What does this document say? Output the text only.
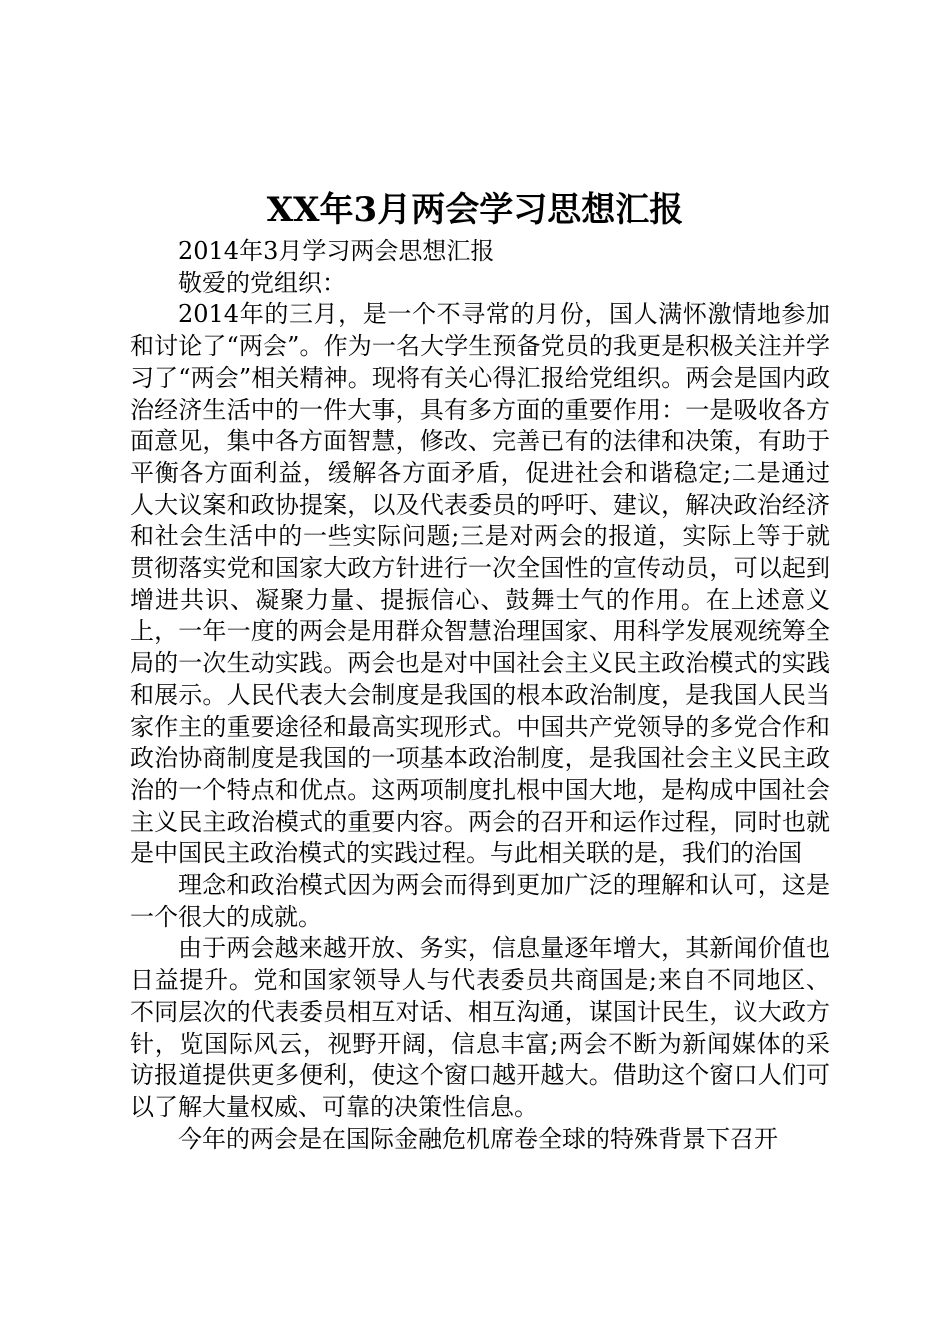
XX年3月两会学习思想汇报

2014年3月学习两会思想汇报

敬爱的党组织：

2014年的三月，是一个不寻常的月份，国人满怀激情地参加和讨论了“两会”。作为一名大学生预备党员的我更是积极关注并学习了“两会”相关精神。现将有关心得汇报给党组织。两会是国内政治经济生活中的一件大事，具有多方面的重要作用：一是吸收各方面意见，集中各方面智慧，修改、完善已有的法律和决策，有助于平衡各方面利益，缓解各方面矛盾，促进社会和谐稳定;二是通过人大议案和政协提案，以及代表委员的呼吁、建议，解决政治经济和社会生活中的一些实际问题;三是对两会的报道，实际上等于就贯彻落实党和国家大政方针进行一次全国性的宣传动员，可以起到增进共识、凝聚力量、提振信心、鼓舞士气的作用。在上述意义上，一年一度的两会是用群众智慧治理国家、用科学发展观统筹全局的一次生动实践。两会也是对中国社会主义民主政治模式的实践和展示。人民代表大会制度是我国的根本政治制度，是我国人民当家作主的重要途径和最高实现形式。中国共产党领导的多党合作和政治协商制度是我国的一项基本政治制度，是我国社会主义民主政治的一个特点和优点。这两项制度扎根中国大地，是构成中国社会主义民主政治模式的重要内容。两会的召开和运作过程，同时也就是中国民主政治模式的实践过程。与此相关联的是，我们的治国

理念和政治模式因为两会而得到更加广泛的理解和认可，这是一个很大的成就。

由于两会越来越开放、务实，信息量逐年增大，其新闻价值也日益提升。党和国家领导人与代表委员共商国是;来自不同地区、不同层次的代表委员相互对话、相互沟通，谋国计民生，议大政方针，览国际风云，视野开阔，信息丰富;两会不断为新闻媒体的采访报道提供更多便利，使这个窗口越开越大。借助这个窗口人们可以了解大量权威、可靠的决策性信息。

今年的两会是在国际金融危机席卷全球的特殊背景下召开
